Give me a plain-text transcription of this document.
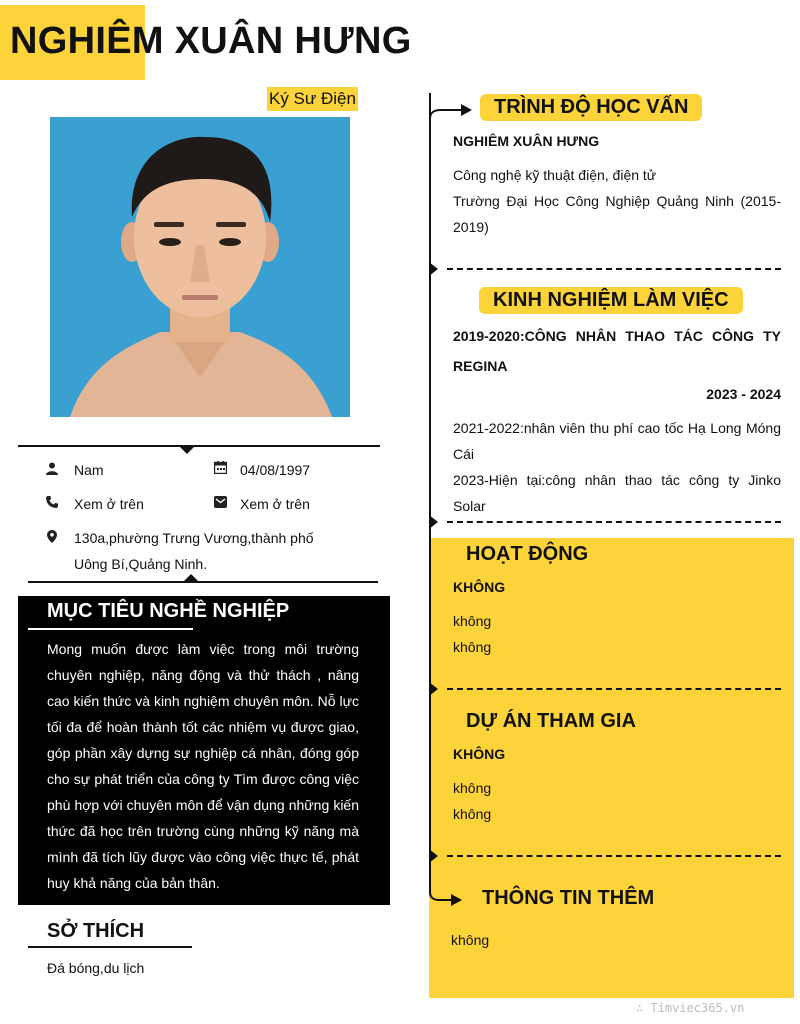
NGHIÊM XUÂN HƯNG
Ký Sư Điện
Nam	04/08/1997
Xem ở trên	Xem ở trên
130a,phường Trưng Vương,thành phố
Uông Bí,Quảng Ninh.
MỤC TIÊU NGHỀ NGHIỆP
Mong muốn được làm việc trong môi trường chuyên nghiệp, năng động và thử thách , nâng cao kiến thức và kinh nghiệm chuyên môn. Nỗ lực tối đa để hoàn thành tốt các nhiệm vụ được giao, góp phần xây dựng sự nghiệp cá nhân, đóng góp cho sự phát triển của công ty Tìm được công việc phù hợp với chuyên môn để vận dụng những kiến thức đã học trên trường cùng những kỹ năng mà mình đã tích lũy được vào công việc thực tế, phát huy khả năng của bản thân.
SỞ THÍCH
Đá bóng,du lịch
TRÌNH ĐỘ HỌC VẤN
NGHIÊM XUÂN HƯNG
Công nghệ kỹ thuật điện, điện tử
Trường Đại Học Công Nghiệp Quảng Ninh (2015-2019)
KINH NGHIỆM LÀM VIỆC
2019-2020:CÔNG NHÂN THAO TÁC CÔNG TY REGINA
2023 - 2024
2021-2022:nhân viên thu phí cao tốc Hạ Long Móng Cái
2023-Hiện tại:công nhân thao tác công ty Jinko Solar
HOẠT ĐỘNG
KHÔNG
không
không
DỰ ÁN THAM GIA
KHÔNG
không
không
THÔNG TIN THÊM
không
∴ Timviec365.vn
